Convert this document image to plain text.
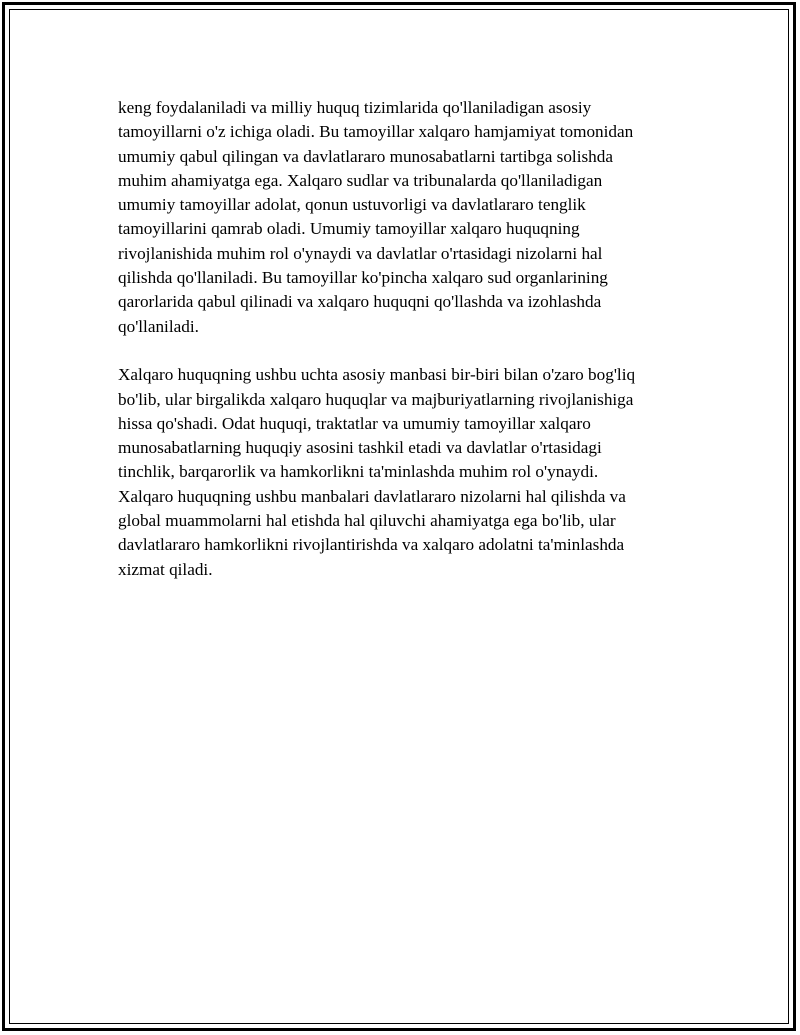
keng foydalaniladi va milliy huquq tizimlarida qo'llaniladigan asosiy
tamoyillarni o'z ichiga oladi. Bu tamoyillar xalqaro hamjamiyat tomonidan
umumiy qabul qilingan va davlatlararo munosabatlarni tartibga solishda
muhim ahamiyatga ega. Xalqaro sudlar va tribunalarda qo'llaniladigan
umumiy tamoyillar adolat, qonun ustuvorligi va davlatlararo tenglik
tamoyillarini qamrab oladi. Umumiy tamoyillar xalqaro huquqning
rivojlanishida muhim rol o'ynaydi va davlatlar o'rtasidagi nizolarni hal
qilishda qo'llaniladi. Bu tamoyillar ko'pincha xalqaro sud organlarining
qarorlarida qabul qilinadi va xalqaro huquqni qo'llashda va izohlashda
qo'llaniladi.

Xalqaro huquqning ushbu uchta asosiy manbasi bir-biri bilan o'zaro bog'liq
bo'lib, ular birgalikda xalqaro huquqlar va majburiyatlarning rivojlanishiga
hissa qo'shadi. Odat huquqi, traktatlar va umumiy tamoyillar xalqaro
munosabatlarning huquqiy asosini tashkil etadi va davlatlar o'rtasidagi
tinchlik, barqarorlik va hamkorlikni ta'minlashda muhim rol o'ynaydi.
Xalqaro huquqning ushbu manbalari davlatlararo nizolarni hal qilishda va
global muammolarni hal etishda hal qiluvchi ahamiyatga ega bo'lib, ular
davlatlararo hamkorlikni rivojlantirishda va xalqaro adolatni ta'minlashda
xizmat qiladi.
